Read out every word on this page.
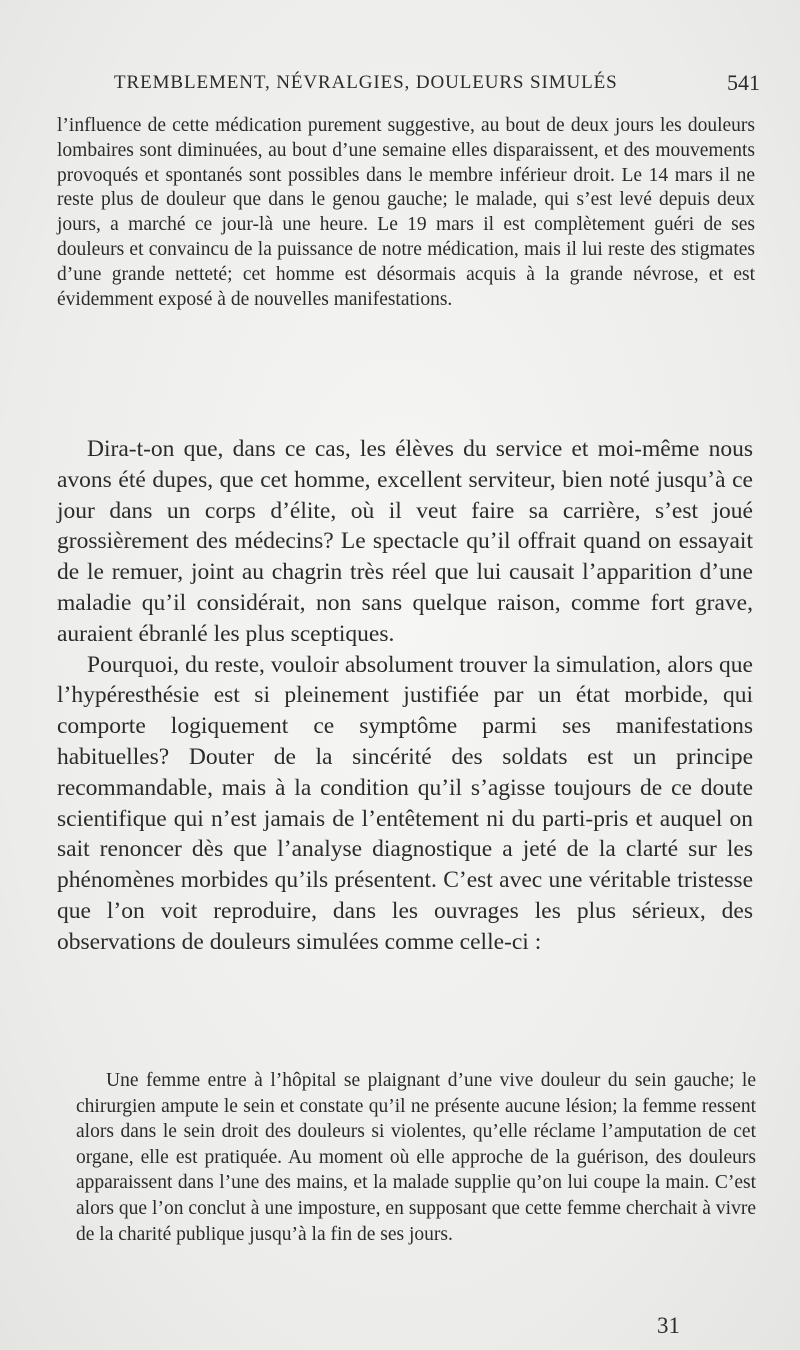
TREMBLEMENT, NÉVRALGIES, DOULEURS SIMULÉS	541

l’influence de cette médication purement suggestive, au bout de deux jours les douleurs lombaires sont diminuées, au bout d’une semaine elles disparaissent, et des mouvements provoqués et spontanés sont possibles dans le membre inférieur droit. Le 14 mars il ne reste plus de douleur que dans le genou gauche; le malade, qui s’est levé depuis deux jours, a marché ce jour-là une heure. Le 19 mars il est complètement guéri de ses douleurs et convaincu de la puissance de notre médication, mais il lui reste des stigmates d’une grande netteté; cet homme est désormais acquis à la grande névrose, et est évidemment exposé à de nouvelles manifestations.

Dira-t-on que, dans ce cas, les élèves du service et moi-même nous avons été dupes, que cet homme, excellent serviteur, bien noté jusqu’à ce jour dans un corps d’élite, où il veut faire sa carrière, s’est joué grossièrement des médecins? Le spectacle qu’il offrait quand on essayait de le remuer, joint au chagrin très réel que lui causait l’apparition d’une maladie qu’il considérait, non sans quelque raison, comme fort grave, auraient ébranlé les plus sceptiques.

Pourquoi, du reste, vouloir absolument trouver la simulation, alors que l’hypéresthésie est si pleinement justifiée par un état morbide, qui comporte logiquement ce symptôme parmi ses manifestations habituelles? Douter de la sincérité des soldats est un principe recommandable, mais à la condition qu’il s’agisse toujours de ce doute scientifique qui n’est jamais de l’entêtement ni du parti-pris et auquel on sait renoncer dès que l’analyse diagnostique a jeté de la clarté sur les phénomènes morbides qu’ils présentent. C’est avec une véritable tristesse que l’on voit reproduire, dans les ouvrages les plus sérieux, des observations de douleurs simulées comme celle-ci :

Une femme entre à l’hôpital se plaignant d’une vive douleur du sein gauche; le chirurgien ampute le sein et constate qu’il ne présente aucune lésion; la femme ressent alors dans le sein droit des douleurs si violentes, qu’elle réclame l’amputation de cet organe, elle est pratiquée. Au moment où elle approche de la guérison, des douleurs apparaissent dans l’une des mains, et la malade supplie qu’on lui coupe la main. C’est alors que l’on conclut à une imposture, en supposant que cette femme cherchait à vivre de la charité publique jusqu’à la fin de ses jours.

31
